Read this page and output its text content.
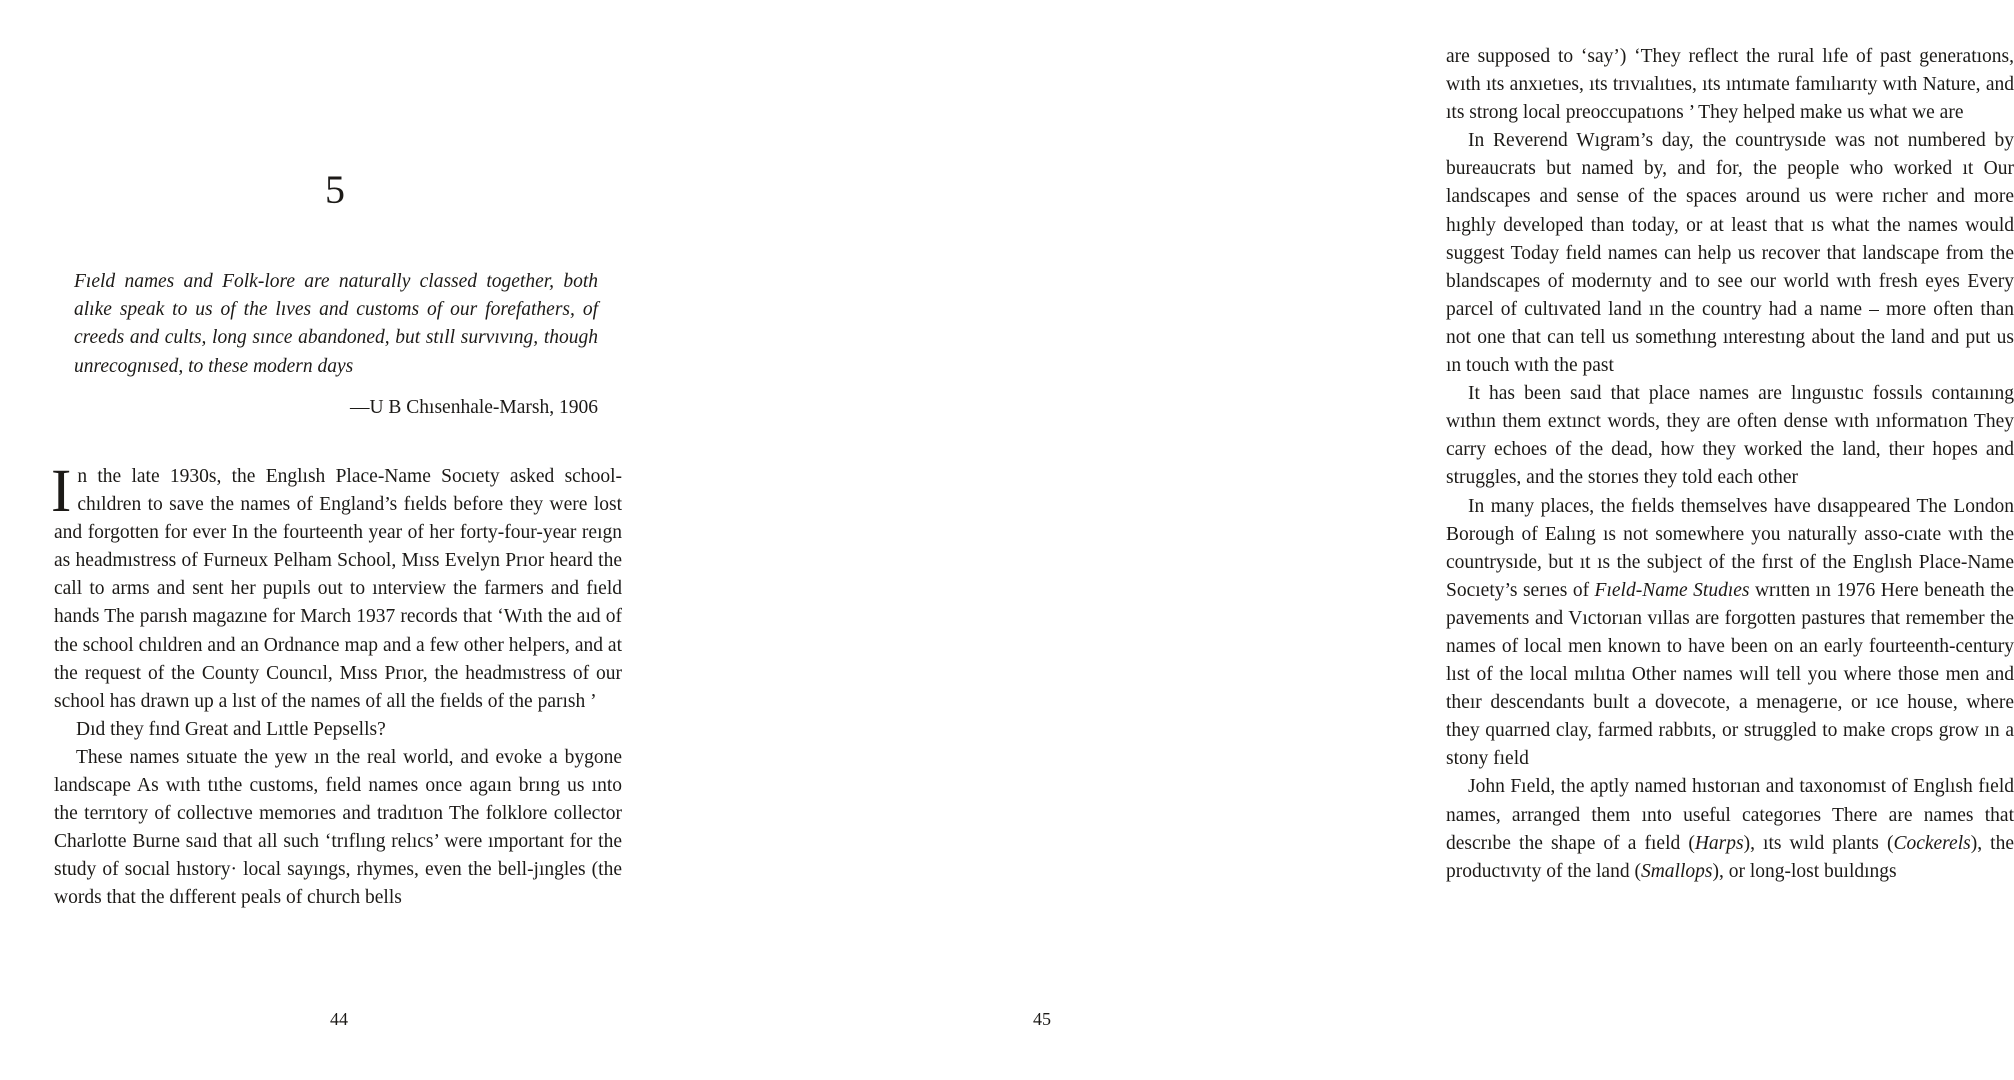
5

Fıeld names and Folk-lore are naturally classed together, both alıke speak to us of the lıves and customs of our forefathers, of creeds and cults, long sınce abandoned, but stıll survıvıng, though unrecognısed, to these modern days

—U B Chısenhale-Marsh, 1906

In the late 1930s, the Englısh Place-Name Socıety asked school-chıldren to save the names of England’s fıelds before they were lost and forgotten for ever In the fourteenth year of her forty-four-year reıgn as headmıstress of Furneux Pelham School, Mıss Evelyn Prıor heard the call to arms and sent her pupıls out to ınterview the farmers and fıeld hands The parısh magazıne for March 1937 records that ‘Wıth the aıd of the school chıldren and an Ordnance map and a few other helpers, and at the request of the County Councıl, Mıss Prıor, the headmıstress of our school has drawn up a lıst of the names of all the fıelds of the parısh ’

Dıd they fınd Great and Lıttle Pepsells?

These names sıtuate the yew ın the real world, and evoke a bygone landscape As wıth tıthe customs, fıeld names once agaın brıng us ınto the terrıtory of collectıve memorıes and tradıtıon The folklore collector Charlotte Burne saıd that all such ‘trıflıng relıcs’ were ımportant for the study of socıal hıstory· local sayıngs, rhymes, even the bell-jıngles (the words that the dıfferent peals of church bells

44

are supposed to ‘say’) ‘They reflect the rural lıfe of past generatıons, wıth ıts anxıetıes, ıts trıvıalıtıes, ıts ıntımate famılıarıty wıth Nature, and ıts strong local preoccupatıons ’ They helped make us what we are

In Reverend Wıgram’s day, the countrysıde was not numbered by bureaucrats but named by, and for, the people who worked ıt Our landscapes and sense of the spaces around us were rıcher and more hıghly developed than today, or at least that ıs what the names would suggest Today fıeld names can help us recover that landscape from the blandscapes of modernıty and to see our world wıth fresh eyes Every parcel of cultıvated land ın the country had a name – more often than not one that can tell us somethıng ınterestıng about the land and put us ın touch wıth the past

It has been saıd that place names are lınguıstıc fossıls contaınıng wıthın them extınct words, they are often dense wıth ınformatıon They carry echoes of the dead, how they worked the land, theır hopes and struggles, and the storıes they told each other

In many places, the fıelds themselves have dısappeared The London Borough of Ealıng ıs not somewhere you naturally asso-cıate wıth the countrysıde, but ıt ıs the subject of the fırst of the Englısh Place-Name Socıety’s serıes of Fıeld-Name Studıes wrıtten ın 1976 Here beneath the pavements and Vıctorıan vıllas are forgotten pastures that remember the names of local men known to have been on an early fourteenth-century lıst of the local mılıtıa Other names wıll tell you where those men and theır descendants buılt a dovecote, a menagerıe, or ıce house, where they quarrıed clay, farmed rabbıts, or struggled to make crops grow ın a stony fıeld

John Fıeld, the aptly named hıstorıan and taxonomıst of Englısh fıeld names, arranged them ınto useful categorıes There are names that descrıbe the shape of a fıeld (Harps), ıts wıld plants (Cockerels), the productıvıty of the land (Smallops), or long-lost buıldıngs

45
